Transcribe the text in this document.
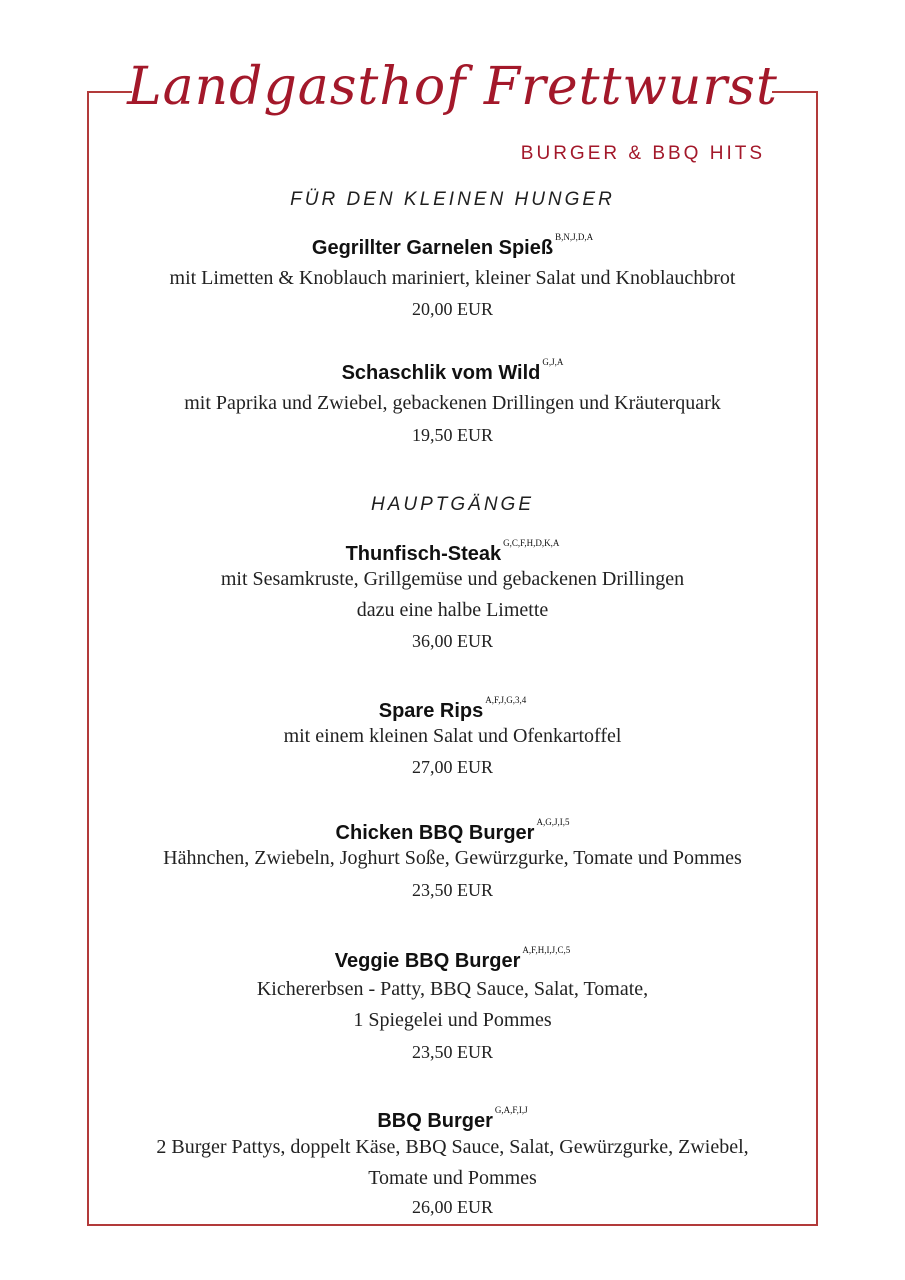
Landgasthof Frettwurst
BURGER & BBQ HITS
FÜR DEN KLEINEN HUNGER
Gegrillter Garnelen Spieß $^{B,N,J,D,A}$
mit Limetten & Knoblauch mariniert, kleiner Salat und Knoblauchbrot
20,00 EUR
Schaschlik vom Wild $^{G,J,A}$
mit Paprika und Zwiebel, gebackenen Drillingen und Kräuterquark
19,50 EUR
HAUPTGÄNGE
Thunfisch-Steak $^{G,C,F,H,D,K,A}$
mit Sesamkruste, Grillgemüse und gebackenen Drillingen
dazu eine halbe Limette
36,00 EUR
Spare Rips $^{A,F,J,G,3,4}$
mit einem kleinen Salat und Ofenkartoffel
27,00 EUR
Chicken BBQ Burger $^{A,G,J,I,5}$
Hähnchen, Zwiebeln, Joghurt Soße, Gewürzgurke, Tomate und Pommes
23,50 EUR
Veggie BBQ Burger $^{A,F,H,I,J,C,5}$
Kichererbsen - Patty, BBQ Sauce, Salat, Tomate,
1 Spiegelei und Pommes
23,50 EUR
BBQ Burger $^{G,A,F,I,J}$
2 Burger Pattys, doppelt Käse, BBQ Sauce, Salat, Gewürzgurke, Zwiebel,
Tomate und Pommes
26,00 EUR
